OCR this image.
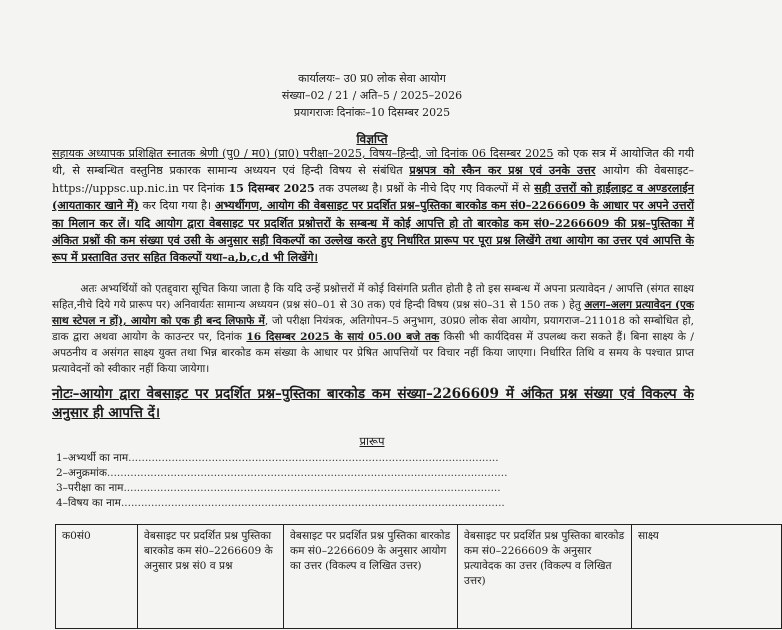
कार्यालयः– उ0 प्र0 लोक सेवा आयोग
संख्या–02 / 21 / अति–5 / 2025–2026
प्रयागराजः दिनांकः–10 दिसम्बर 2025
विज्ञप्ति

सहायक अध्यापक प्रशिक्षित स्नातक श्रेणी (पु0 / म0) (प्रा0) परीक्षा–2025, विषय–हिन्दी, जो दिनांक 06 दिसम्बर 2025 को एक सत्र में आयोजित की गयी थी, से सम्बन्धित वस्तुनिष्ठ प्रकारक सामान्य अध्ययन एवं हिन्दी विषय से संबंधित प्रश्नपत्र को स्कैन कर प्रश्न एवं उनके उत्तर आयोग की वेबसाइट– https://uppsc.up.nic.in पर दिनांक 15 दिसम्बर 2025 तक उपलब्ध है। प्रश्नों के नीचे दिए गए विकल्पों में से सही उत्तरों को हाईलाइट व अण्डरलाईन (आयताकार खाने में) कर दिया गया है। अभ्यर्थीगण, आयोग की वेबसाइट पर प्रदर्शित प्रश्न–पुस्तिका बारकोड कम सं0–2266609 के आधार पर अपने उत्तरों का मिलान कर लें। यदि आयोग द्वारा वेबसाइट पर प्रदर्शित प्रश्नोत्तरों के सम्बन्ध में कोई आपत्ति हो तो बारकोड कम सं0–2266609 की प्रश्न–पुस्तिका में अंकित प्रश्नों की कम संख्या एवं उसी के अनुसार सही विकल्पों का उल्लेख करते हुए निर्धारित प्रारूप पर पूरा प्रश्न लिखेंगे तथा आयोग का उत्तर एवं आपत्ति के रूप में प्रस्तावित उत्तर सहित विकल्पों यथा–a,b,c,d भी लिखेंगे।

अतः अभ्यर्थियों को एतद्द्वारा सूचित किया जाता है कि यदि उन्हें प्रश्नोत्तरों में कोई विसंगति प्रतीत होती है तो इस सम्बन्ध में अपना प्रत्यावेदन / आपत्ति (संगत साक्ष्य सहित,नीचे दिये गये प्रारूप पर) अनिवार्यतः सामान्य अध्ययन (प्रश्न सं0–01 से 30 तक) एवं हिन्दी विषय (प्रश्न सं0–31 से 150 तक ) हेतु अलग–अलग प्रत्यावेदन (एक साथ स्टेपल न हों), आयोग को एक ही बन्द लिफाफे में, जो परीक्षा नियंत्रक, अतिगोपन–5 अनुभाग, उ0प्र0 लोक सेवा आयोग, प्रयागराज–211018 को सम्बोधित हो, डाक द्वारा अथवा आयोग के काउन्टर पर, दिनांक 16 दिसम्बर 2025 के सायं 05.00 बजे तक किसी भी कार्यदिवस में उपलब्ध करा सकते हैं। बिना साक्ष्य के / अपठनीय व असंगत साक्ष्य युक्त तथा भिन्न बारकोड कम संख्या के आधार पर प्रेषित आपत्तियों पर विचार नहीं किया जाएगा। निर्धारित तिथि व समय के पश्चात प्राप्त प्रत्यावेदनों को स्वीकार नहीं किया जायेगा।

नोटः–आयोग द्वारा वेबसाइट पर प्रदर्शित प्रश्न–पुस्तिका बारकोड कम संख्या–2266609 में अंकित प्रश्न संख्या एवं विकल्प के अनुसार ही आपत्ति दें।
प्रारूप
1–अभ्यर्थी का नाम...............................................................................................................
2–अनुक्रमांक........................................................................................................................
3–परीक्षा का नाम.................................................................................................................
4–विषय का नाम...................................................................................................................
क0सं0	वेबसाइट पर प्रदर्शित प्रश्न पुस्तिका बारकोड कम सं0–2266609 के अनुसार प्रश्न सं0 व प्रश्न	वेबसाइट पर प्रदर्शित प्रश्न पुस्तिका बारकोड कम सं0–2266609 के अनुसार आयोग का उत्तर (विकल्प व लिखित उत्तर)	वेबसाइट पर प्रदर्शित प्रश्न पुस्तिका बारकोड कम सं0–2266609 के अनुसार प्रत्यावेदक का उत्तर (विकल्प व लिखित उत्तर)	साक्ष्य
